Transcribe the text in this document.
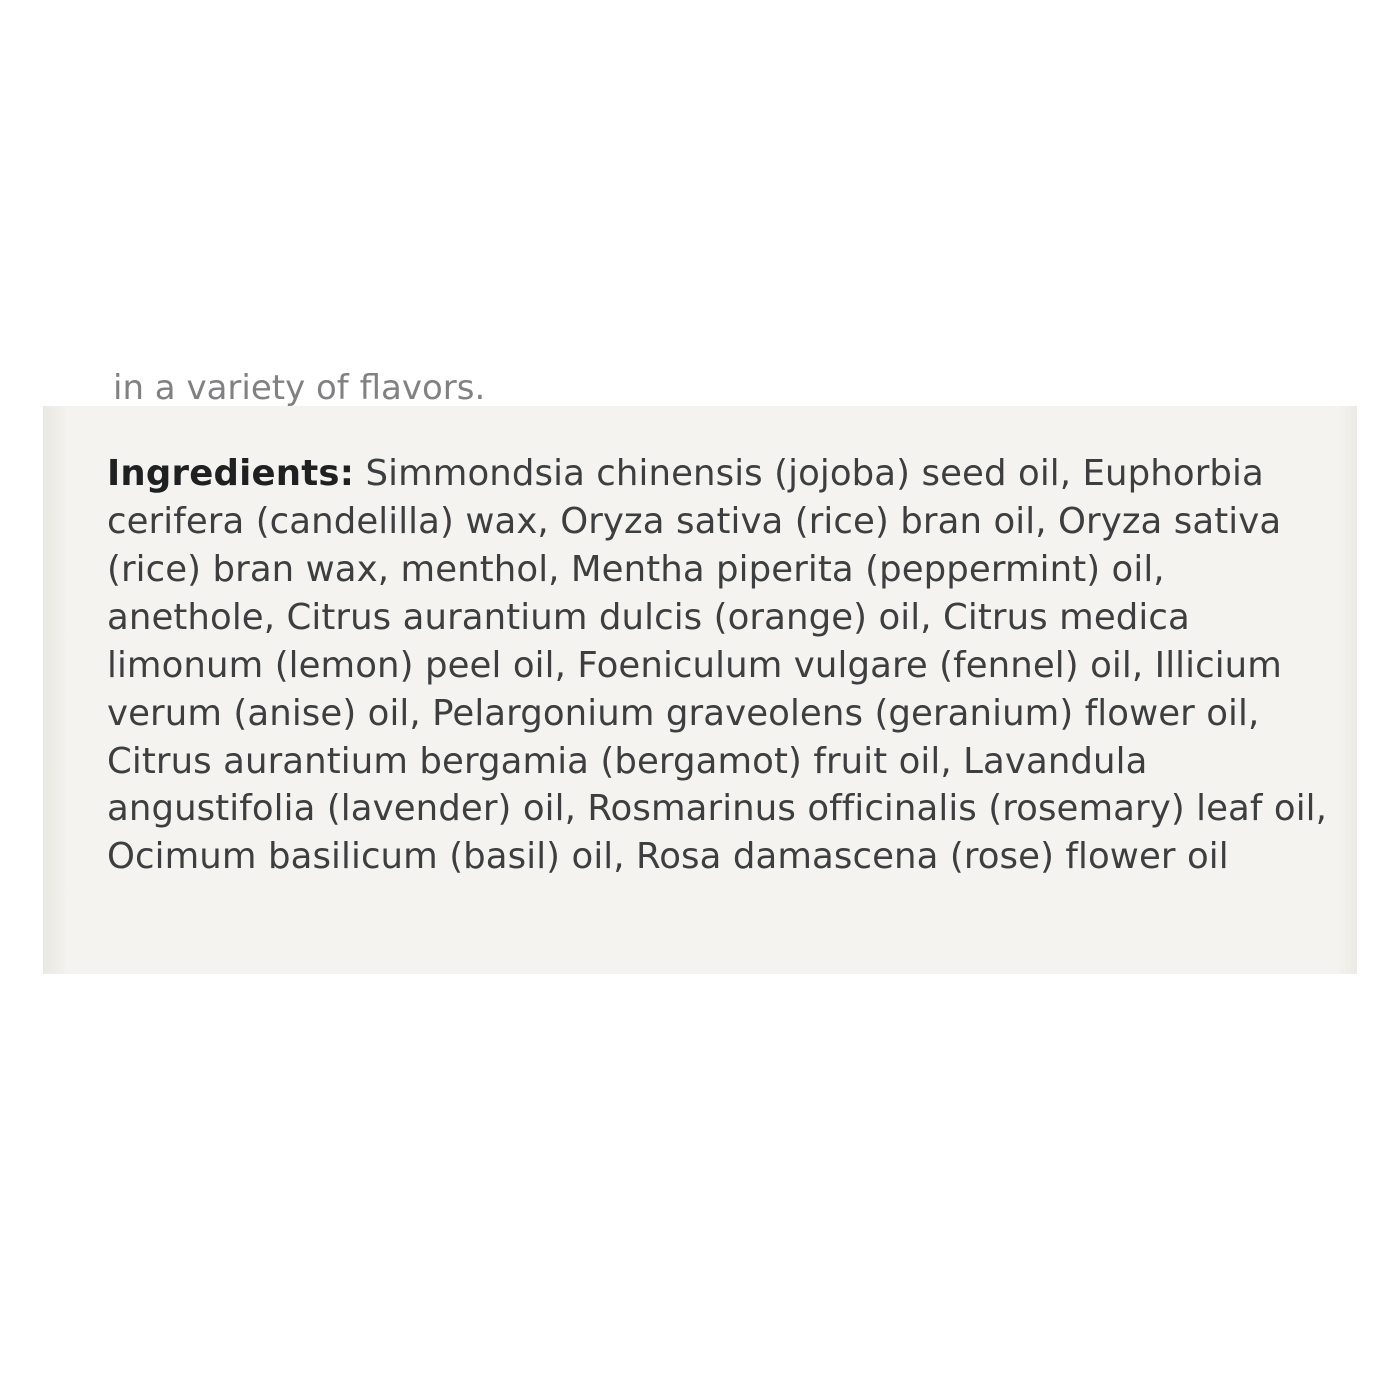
in a variety of flavors.
Ingredients: Simmondsia chinensis (jojoba) seed oil, Euphorbia cerifera (candelilla) wax, Oryza sativa (rice) bran oil, Oryza sativa (rice) bran wax, menthol, Mentha piperita (peppermint) oil, anethole, Citrus aurantium dulcis (orange) oil, Citrus medica limonum (lemon) peel oil, Foeniculum vulgare (fennel) oil, Illicium verum (anise) oil, Pelargonium graveolens (geranium) flower oil, Citrus aurantium bergamia (bergamot) fruit oil, Lavandula angustifolia (lavender) oil, Rosmarinus officinalis (rosemary) leaf oil, Ocimum basilicum (basil) oil, Rosa damascena (rose) flower oil
